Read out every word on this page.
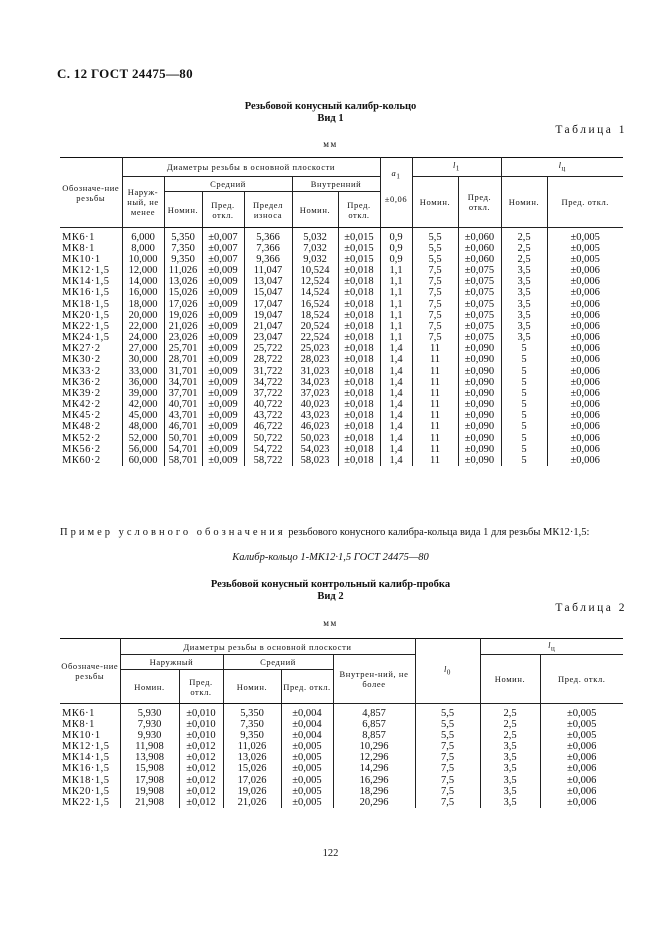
С. 12 ГОСТ 24475—80
Резьбовой конусный калибр-кольцо
Вид 1
Таблица 1
мм
Обозначе-ние резьбы	Диаметры резьбы в основной плоскости						$a_1$	$l_1$		$l_ц$
	Наруж-ный, не менее	Средний			Внутренний			Номин.	Пред. откл.	Номин.	Пред. откл.
		Номин.	Пред. откл.	Предел износа	Номин.	Пред. откл.	±0,06				
МК6·1	6,000	5,350	±0,007	5,366	5,032	±0,015	0,9	5,5	±0,060	2,5	±0,005
МК8·1	8,000	7,350	±0,007	7,366	7,032	±0,015	0,9	5,5	±0,060	2,5	±0,005
МК10·1	10,000	9,350	±0,007	9,366	9,032	±0,015	0,9	5,5	±0,060	2,5	±0,005
МК12·1,5	12,000	11,026	±0,009	11,047	10,524	±0,018	1,1	7,5	±0,075	3,5	±0,006
МК14·1,5	14,000	13,026	±0,009	13,047	12,524	±0,018	1,1	7,5	±0,075	3,5	±0,006
МК16·1,5	16,000	15,026	±0,009	15,047	14,524	±0,018	1,1	7,5	±0,075	3,5	±0,006
МК18·1,5	18,000	17,026	±0,009	17,047	16,524	±0,018	1,1	7,5	±0,075	3,5	±0,006
МК20·1,5	20,000	19,026	±0,009	19,047	18,524	±0,018	1,1	7,5	±0,075	3,5	±0,006
МК22·1,5	22,000	21,026	±0,009	21,047	20,524	±0,018	1,1	7,5	±0,075	3,5	±0,006
МК24·1,5	24,000	23,026	±0,009	23,047	22,524	±0,018	1,1	7,5	±0,075	3,5	±0,006
МК27·2	27,000	25,701	±0,009	25,722	25,023	±0,018	1,4	11	±0,090	5	±0,006
МК30·2	30,000	28,701	±0,009	28,722	28,023	±0,018	1,4	11	±0,090	5	±0,006
МК33·2	33,000	31,701	±0,009	31,722	31,023	±0,018	1,4	11	±0,090	5	±0,006
МК36·2	36,000	34,701	±0,009	34,722	34,023	±0,018	1,4	11	±0,090	5	±0,006
МК39·2	39,000	37,701	±0,009	37,722	37,023	±0,018	1,4	11	±0,090	5	±0,006
МК42·2	42,000	40,701	±0,009	40,722	40,023	±0,018	1,4	11	±0,090	5	±0,006
МК45·2	45,000	43,701	±0,009	43,722	43,023	±0,018	1,4	11	±0,090	5	±0,006
МК48·2	48,000	46,701	±0,009	46,722	46,023	±0,018	1,4	11	±0,090	5	±0,006
МК52·2	52,000	50,701	±0,009	50,722	50,023	±0,018	1,4	11	±0,090	5	±0,006
МК56·2	56,000	54,701	±0,009	54,722	54,023	±0,018	1,4	11	±0,090	5	±0,006
МК60·2	60,000	58,701	±0,009	58,722	58,023	±0,018	1,4	11	±0,090	5	±0,006
Пример условного обозначения резьбового конусного калибра-кольца вида 1 для резьбы МК12·1,5:
Калибр-кольцо 1-МК12·1,5 ГОСТ 24475—80
Резьбовой конусный контрольный калибр-пробка
Вид 2
Таблица 2
мм
Обозначе-ние резьбы	Диаметры резьбы в основной плоскости					$l_0$	$l_ц$
	Наружный		Средний		Внутрен-ний, не более		Номин.	Пред. откл.
	Номин.	Пред. откл.	Номин.	Пред. откл.				
МК6·1	5,930	±0,010	5,350	±0,004	4,857	5,5	2,5	±0,005
МК8·1	7,930	±0,010	7,350	±0,004	6,857	5,5	2,5	±0,005
МК10·1	9,930	±0,010	9,350	±0,004	8,857	5,5	2,5	±0,005
МК12·1,5	11,908	±0,012	11,026	±0,005	10,296	7,5	3,5	±0,006
МК14·1,5	13,908	±0,012	13,026	±0,005	12,296	7,5	3,5	±0,006
МК16·1,5	15,908	±0,012	15,026	±0,005	14,296	7,5	3,5	±0,006
МК18·1,5	17,908	±0,012	17,026	±0,005	16,296	7,5	3,5	±0,006
МК20·1,5	19,908	±0,012	19,026	±0,005	18,296	7,5	3,5	±0,006
МК22·1,5	21,908	±0,012	21,026	±0,005	20,296	7,5	3,5	±0,006
122
